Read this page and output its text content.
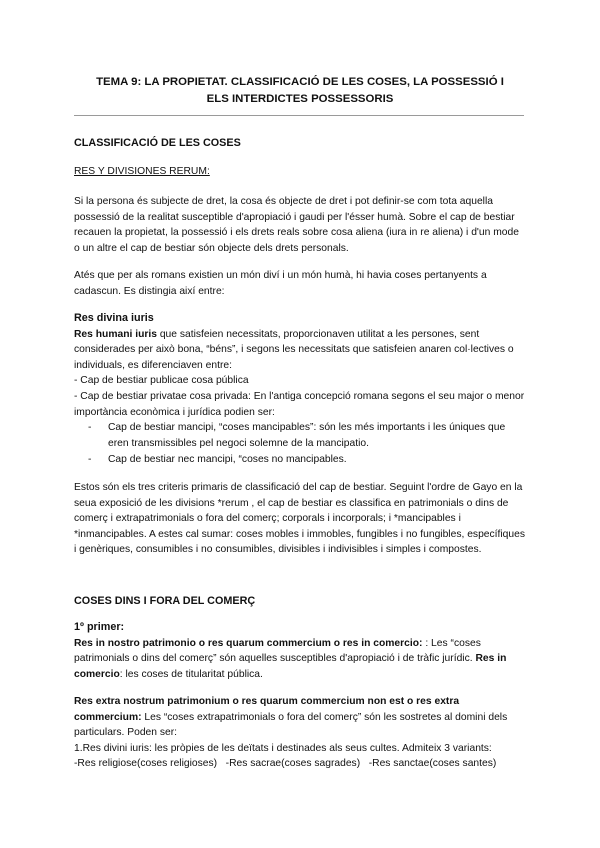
TEMA 9: LA PROPIETAT. CLASSIFICACIÓ DE LES COSES, LA POSSESSIÓ I
ELS INTERDICTES POSSESSORIS
CLASSIFICACIÓ DE LES COSES
RES Y DIVISIONES RERUM:
Si la persona és subjecte de dret, la cosa és objecte de dret i pot definir-se com tota aquella possessió de la realitat susceptible d'apropiació i gaudi per l'ésser humà. Sobre el cap de bestiar recauen la propietat, la possessió i els drets reals sobre cosa aliena (iura in re aliena) i d'un mode o un altre el cap de bestiar són objecte dels drets personals.
Atés que per als romans existien un món diví i un món humà, hi havia coses pertanyents a cadascun. Es distingia així entre:
Res divina iuris
Res humani iuris que satisfeien necessitats, proporcionaven utilitat a les persones, sent considerades per això bona, “béns”, i segons les necessitats que satisfeien anaren col·lectives o individuals, es diferenciaven entre:
- Cap de bestiar publicae cosa pública
- Cap de bestiar privatae cosa privada: En l'antiga concepció romana segons el seu major o menor importància econòmica i jurídica podien ser:
- Cap de bestiar mancipi, “coses mancipables”: són les més importants i les úniques que eren transmissibles pel negoci solemne de la mancipatio.
- Cap de bestiar nec mancipi, “coses no mancipables.
Estos són els tres criteris primaris de classificació del cap de bestiar. Seguint l'ordre de Gayo en la seua exposició de les divisions *rerum , el cap de bestiar es classifica en patrimonials o dins de comerç i extrapatrimonials o fora del comerç; corporals i incorporals; i *mancipables i *inmancipables. A estes cal sumar: coses mobles i immobles, fungibles i no fungibles, específiques i genèriques, consumibles i no consumibles, divisibles i indivisibles i simples i compostes.
COSES DINS I FORA DEL COMERÇ
1º primer:
Res in nostro patrimonio o res quarum commercium o res in comercio: : Les “coses patrimonials o dins del comerç” són aquelles susceptibles d'apropiació i de tràfic jurídic. Res in comercio: les coses de titularitat pública.
Res extra nostrum patrimonium o res quarum commercium non est o res extra commercium: Les “coses extrapatrimonials o fora del comerç” són les sostretes al domini dels particulars. Poden ser:
1.Res divini iuris: les pròpies de les deïtats i destinades als seus cultes. Admiteix 3 variants:
-Res religiose(coses religioses)   -Res sacrae(coses sagrades)   -Res sanctae(coses santes)
